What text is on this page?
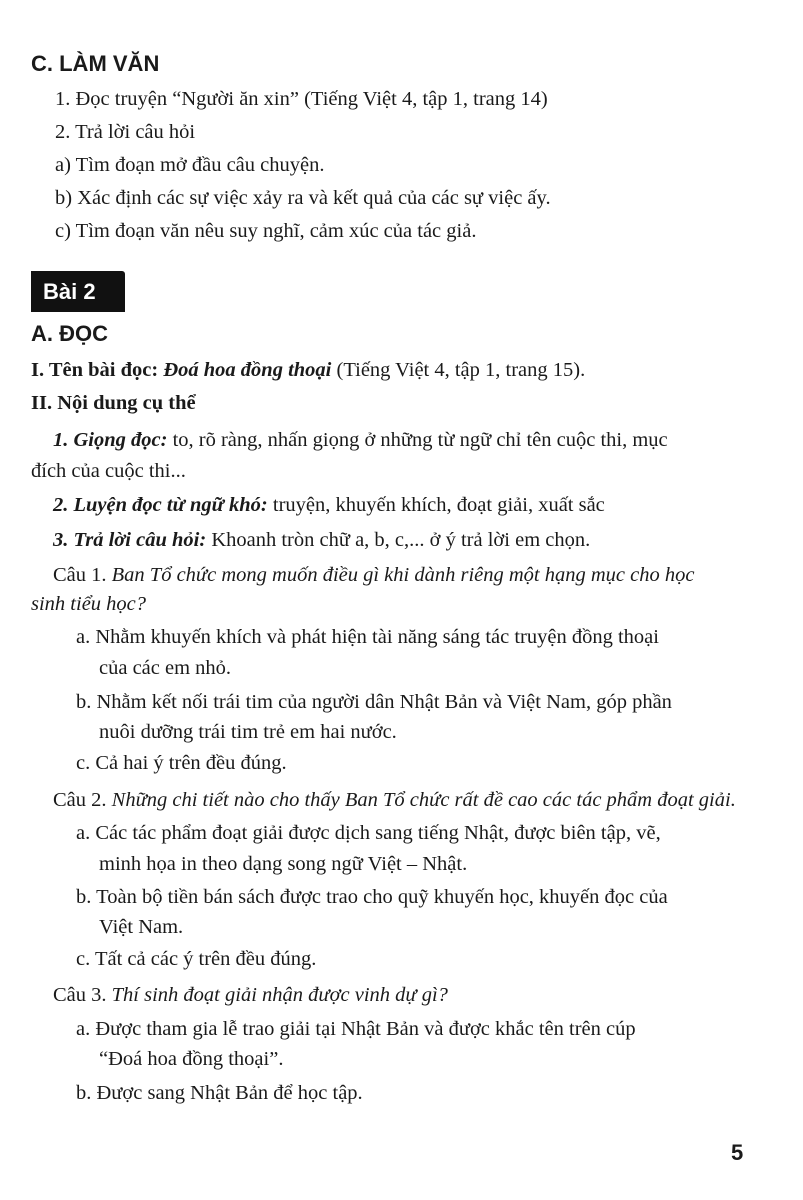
C. LÀM VĂN
1. Đọc truyện “Người ăn xin” (Tiếng Việt 4, tập 1, trang 14)
2. Trả lời câu hỏi
a) Tìm đoạn mở đầu câu chuyện.
b) Xác định các sự việc xảy ra và kết quả của các sự việc ấy.
c) Tìm đoạn văn nêu suy nghĩ, cảm xúc của tác giả.
Bài 2
A. ĐỌC
I. Tên bài đọc: Đoá hoa đồng thoại (Tiếng Việt 4, tập 1, trang 15).
II. Nội dung cụ thể
1. Giọng đọc: to, rõ ràng, nhấn giọng ở những từ ngữ chỉ tên cuộc thi, mục
đích của cuộc thi...
2. Luyện đọc từ ngữ khó: truyện, khuyến khích, đoạt giải, xuất sắc
3. Trả lời câu hỏi: Khoanh tròn chữ a, b, c,... ở ý trả lời em chọn.
Câu 1. Ban Tổ chức mong muốn điều gì khi dành riêng một hạng mục cho học
sinh tiểu học?
a. Nhằm khuyến khích và phát hiện tài năng sáng tác truyện đồng thoại
của các em nhỏ.
b. Nhằm kết nối trái tim của người dân Nhật Bản và Việt Nam, góp phần
nuôi dưỡng trái tim trẻ em hai nước.
c. Cả hai ý trên đều đúng.
Câu 2. Những chi tiết nào cho thấy Ban Tổ chức rất đề cao các tác phẩm đoạt giải.
a. Các tác phẩm đoạt giải được dịch sang tiếng Nhật, được biên tập, vẽ,
minh họa in theo dạng song ngữ Việt – Nhật.
b. Toàn bộ tiền bán sách được trao cho quỹ khuyến học, khuyến đọc của
Việt Nam.
c. Tất cả các ý trên đều đúng.
Câu 3. Thí sinh đoạt giải nhận được vinh dự gì?
a. Được tham gia lễ trao giải tại Nhật Bản và được khắc tên trên cúp
“Đoá hoa đồng thoại”.
b. Được sang Nhật Bản để học tập.
5
